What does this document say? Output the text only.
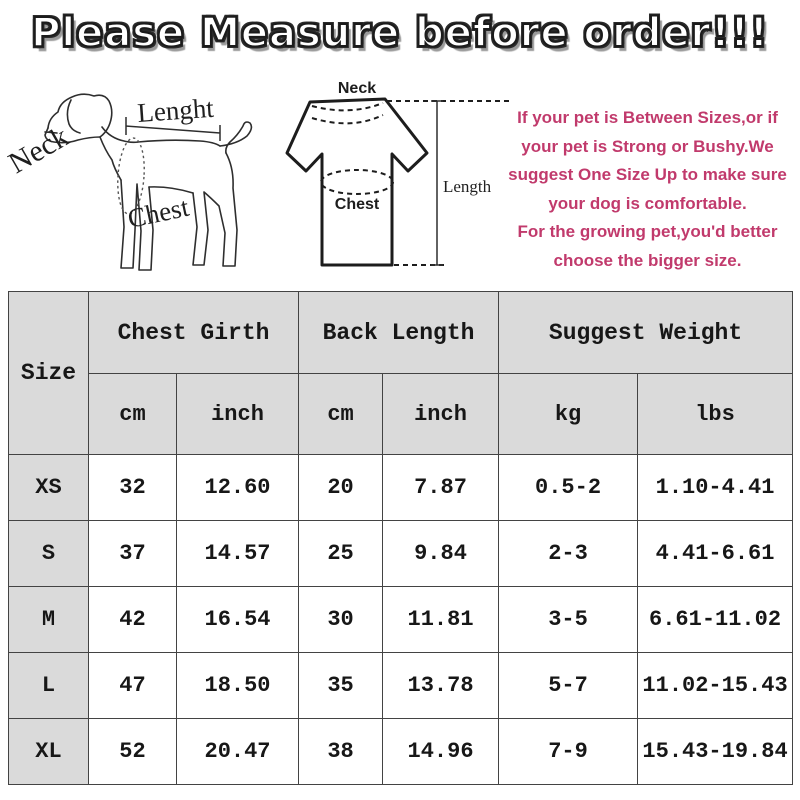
Please Measure before order!!!
Lenght
Neck
Chest
Neck
Chest
Length
If your pet is Between Sizes,or if
your pet is Strong or Bushy.We
suggest One Size Up to make sure
your dog is comfortable.
For the growing pet,you'd better
choose the bigger size.
Size	Chest Girth		Back Length		Suggest Weight	
	cm	inch	cm	inch	kg	lbs
XS	32	12.60	20	7.87	0.5-2	1.10-4.41
S	37	14.57	25	9.84	2-3	4.41-6.61
M	42	16.54	30	11.81	3-5	6.61-11.02
L	47	18.50	35	13.78	5-7	11.02-15.43
XL	52	20.47	38	14.96	7-9	15.43-19.84
